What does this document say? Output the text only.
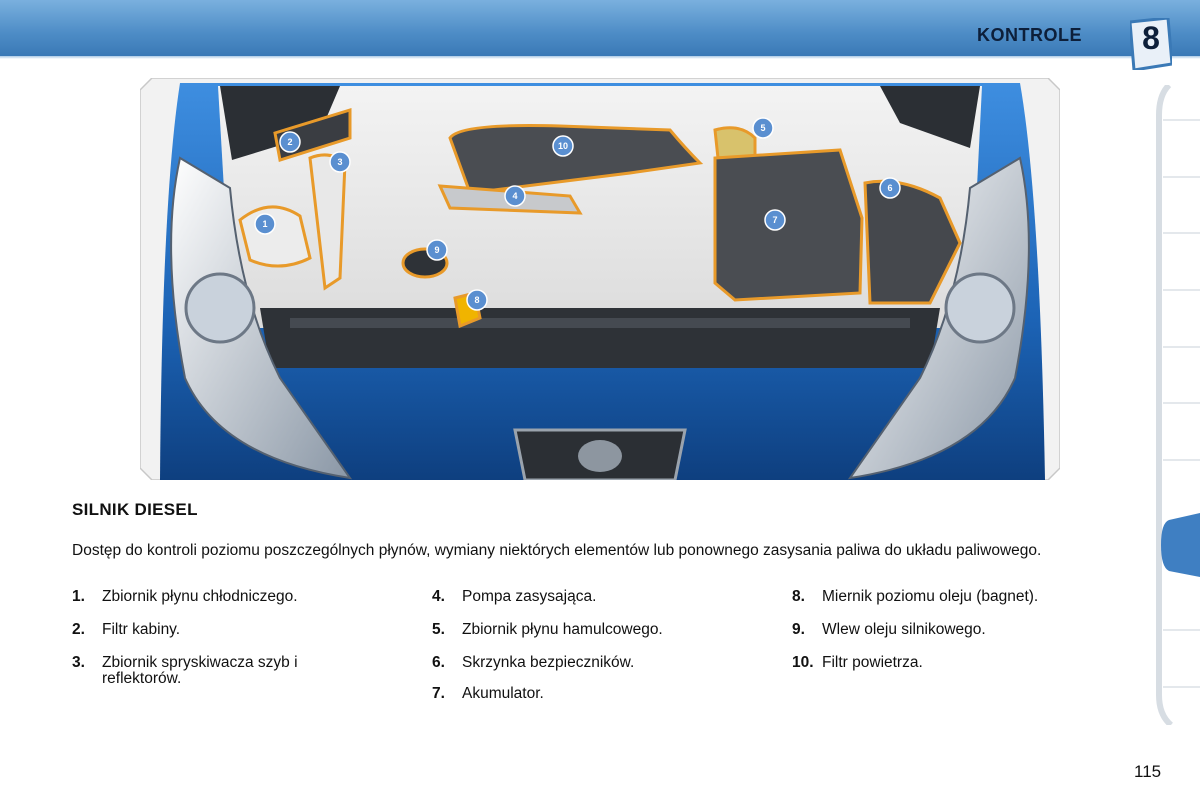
KONTROLE	8
2
1
3
4
5
6
7
8
9
10
SILNIK DIESEL
Dostęp do kontroli poziomu poszczególnych płynów, wymiany niektórych elementów lub ponownego zasysania paliwa do układu paliwowego.
1. Zbiornik płynu chłodniczego.
2. Filtr kabiny.
3. Zbiornik spryskiwacza szyb i reflektorów.
4. Pompa zasysająca.
5. Zbiornik płynu hamulcowego.
6. Skrzynka bezpieczników.
7. Akumulator.
8. Miernik poziomu oleju (bagnet).
9. Wlew oleju silnikowego.
10. Filtr powietrza.
115
